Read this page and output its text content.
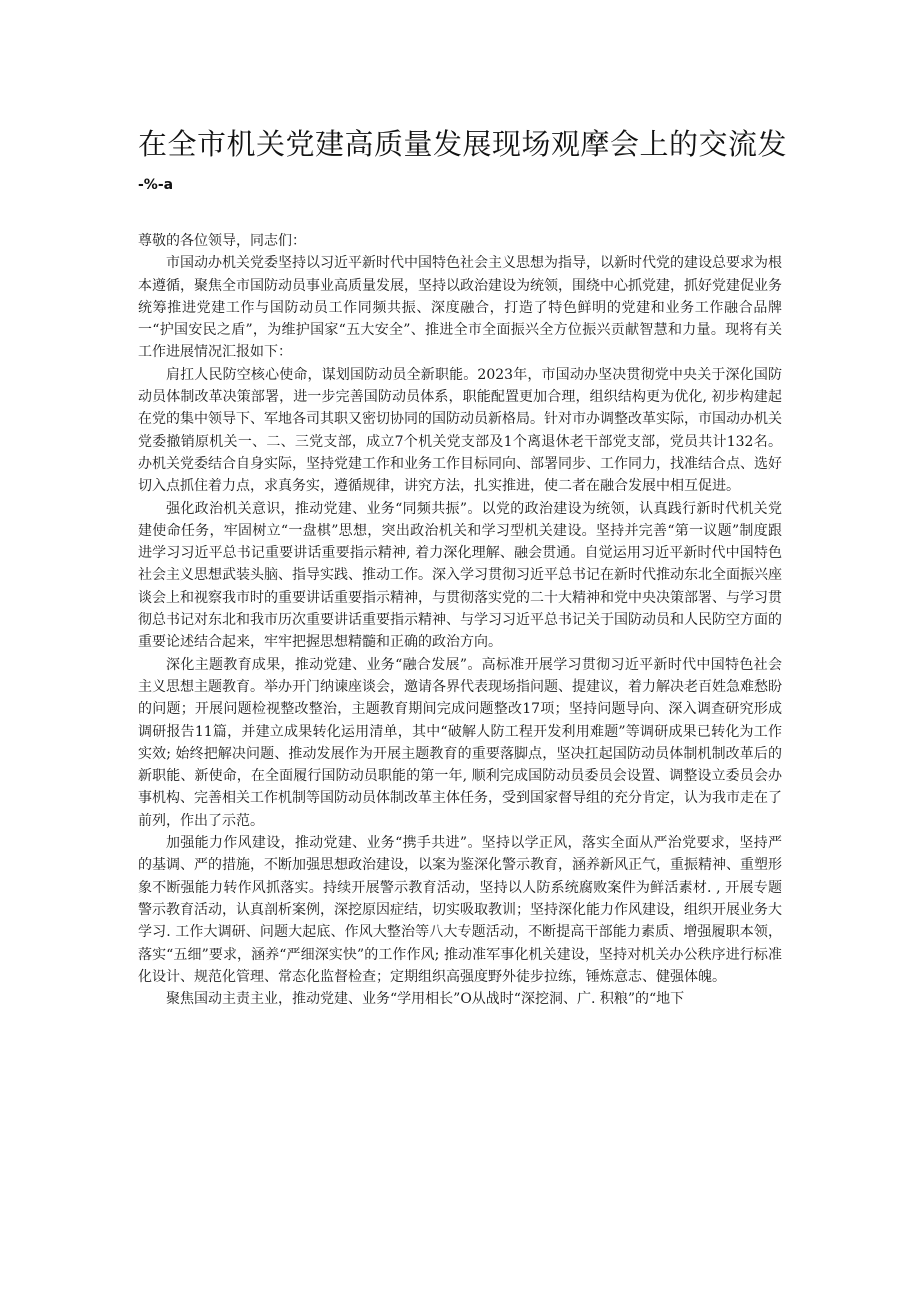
在全市机关党建高质量发展现场观摩会上的交流发
-%-a

尊敬的各位领导，同志们：

市国动办机关党委坚持以习近平新时代中国特色社会主义思想为指导，以新时代党的建设总要求为根本遵循，聚焦全市国防动员事业高质量发展，坚持以政治建设为统领，围绕中心抓党建，抓好党建促业务统筹推进党建工作与国防动员工作同频共振、深度融合，打造了特色鲜明的党建和业务工作融合品牌一“护国安民之盾”，为维护国家“五大安全”、推进全市全面振兴全方位振兴贡献智慧和力量。现将有关工作进展情况汇报如下：

肩扛人民防空核心使命，谋划国防动员全新职能。2023年，市国动办坚决贯彻党中央关于深化国防动员体制改革决策部署，进一步完善国防动员体系，职能配置更加合理，组织结构更为优化, 初步构建起在党的集中领导下、军地各司其职又密切协同的国防动员新格局。针对市办调整改革实际，市国动办机关党委撤销原机关一、二、三党支部，成立7个机关党支部及1个离退休老干部党支部，党员共计132名。办机关党委结合自身实际，坚持党建工作和业务工作目标同向、部署同步、工作同力，找准结合点、选好切入点抓住着力点，求真务实，遵循规律，讲究方法，扎实推进，使二者在融合发展中相互促进。

强化政治机关意识，推动党建、业务“同频共振”。以党的政治建设为统领，认真践行新时代机关党建使命任务，牢固树立“一盘棋”思想，突出政治机关和学习型机关建设。坚持并完善“第一议题”制度跟进学习习近平总书记重要讲话重要指示精神, 着力深化理解、融会贯通。自觉运用习近平新时代中国特色社会主义思想武装头脑、指导实践、推动工作。深入学习贯彻习近平总书记在新时代推动东北全面振兴座谈会上和视察我市时的重要讲话重要指示精神，与贯彻落实党的二十大精神和党中央决策部署、与学习贯彻总书记对东北和我市历次重要讲话重要指示精神、与学习习近平总书记关于国防动员和人民防空方面的重要论述结合起来，牢牢把握思想精髓和正确的政治方向。

深化主题教育成果，推动党建、业务“融合发展”。高标准开展学习贯彻习近平新时代中国特色社会主义思想主题教育。举办开门纳谏座谈会，邀请各界代表现场指问题、提建议，着力解决老百姓急难愁盼的问题；开展问题检视整改整治，主题教育期间完成问题整改17项；坚持问题导向、深入调查研究形成调研报告11篇，并建立成果转化运用清单，其中“破解人防工程开发利用难题”等调研成果已转化为工作实效; 始终把解决问题、推动发展作为开展主题教育的重要落脚点，坚决扛起国防动员体制机制改革后的新职能、新使命，在全面履行国防动员职能的第一年, 顺利完成国防动员委员会设置、调整设立委员会办事机构、完善相关工作机制等国防动员体制改革主体任务，受到国家督导组的充分肯定，认为我市走在了前列，作出了示范。

加强能力作风建设，推动党建、业务“携手共进”。坚持以学正风，落实全面从严治党要求，坚持严的基调、严的措施，不断加强思想政治建设，以案为鉴深化警示教育，涵养新风正气，重振精神、重塑形象不断强能力转作风抓落实。持续开展警示教育活动，坚持以人防系统腐败案件为鲜活素材. , 开展专题警示教育活动，认真剖析案例，深挖原因症结，切实吸取教训；坚持深化能力作风建设，组织开展业务大学习. 工作大调研、问题大起底、作风大整治等八大专题活动，不断提高干部能力素质、增强履职本领，落实“五细”要求，涵养“严细深实快”的工作作风; 推动准军事化机关建设，坚持对机关办公秩序进行标准化设计、规范化管理、常态化监督检查；定期组织高强度野外徒步拉练，锤炼意志、健强体魄。

聚焦国动主责主业，推动党建、业务“学用相长”O从战时“深挖洞、广. 积粮”的“地下
